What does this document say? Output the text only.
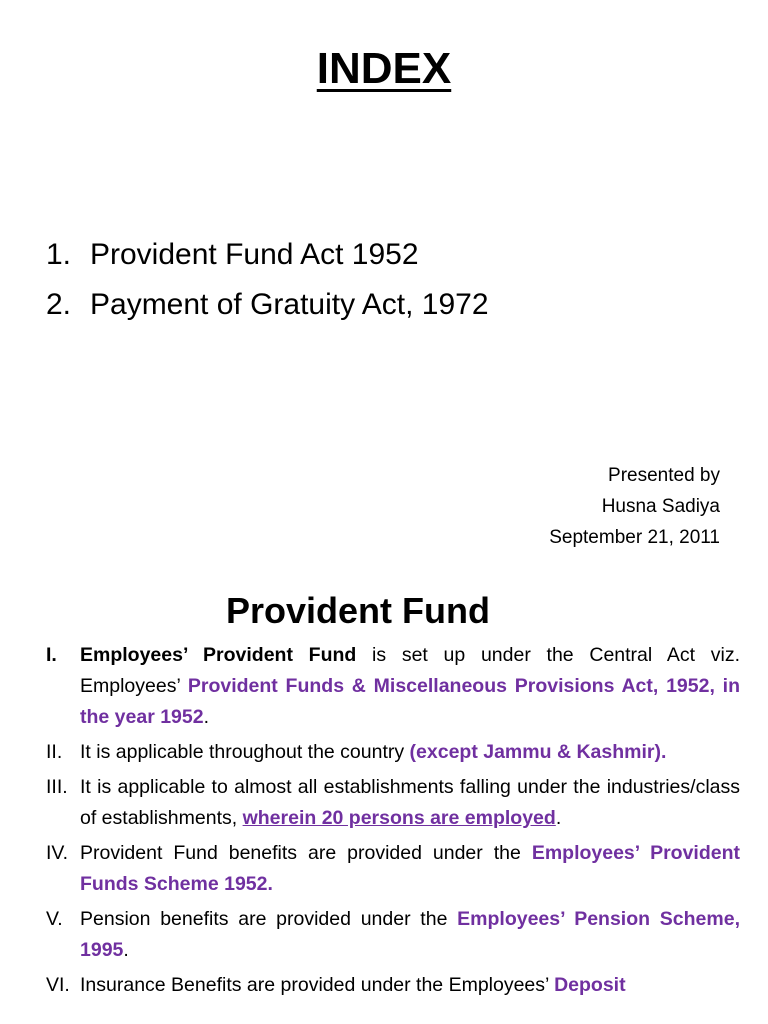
INDEX
1. Provident Fund Act 1952
2. Payment of Gratuity Act, 1972
Presented by
Husna Sadiya
September 21, 2011
Provident Fund
I.	Employees’ Provident Fund is set up under the Central Act viz. Employees’ Provident Funds & Miscellaneous Provisions Act, 1952, in the year 1952.
II. It is applicable throughout the country (except Jammu & Kashmir).
III. It is applicable to almost all establishments falling under the industries/class of establishments, wherein 20 persons are employed.
IV. Provident Fund benefits are provided under the Employees’ Provident Funds Scheme 1952.
V. Pension benefits are provided under the Employees’ Pension Scheme, 1995.
VI. Insurance Benefits are provided under the Employees’ Deposit
